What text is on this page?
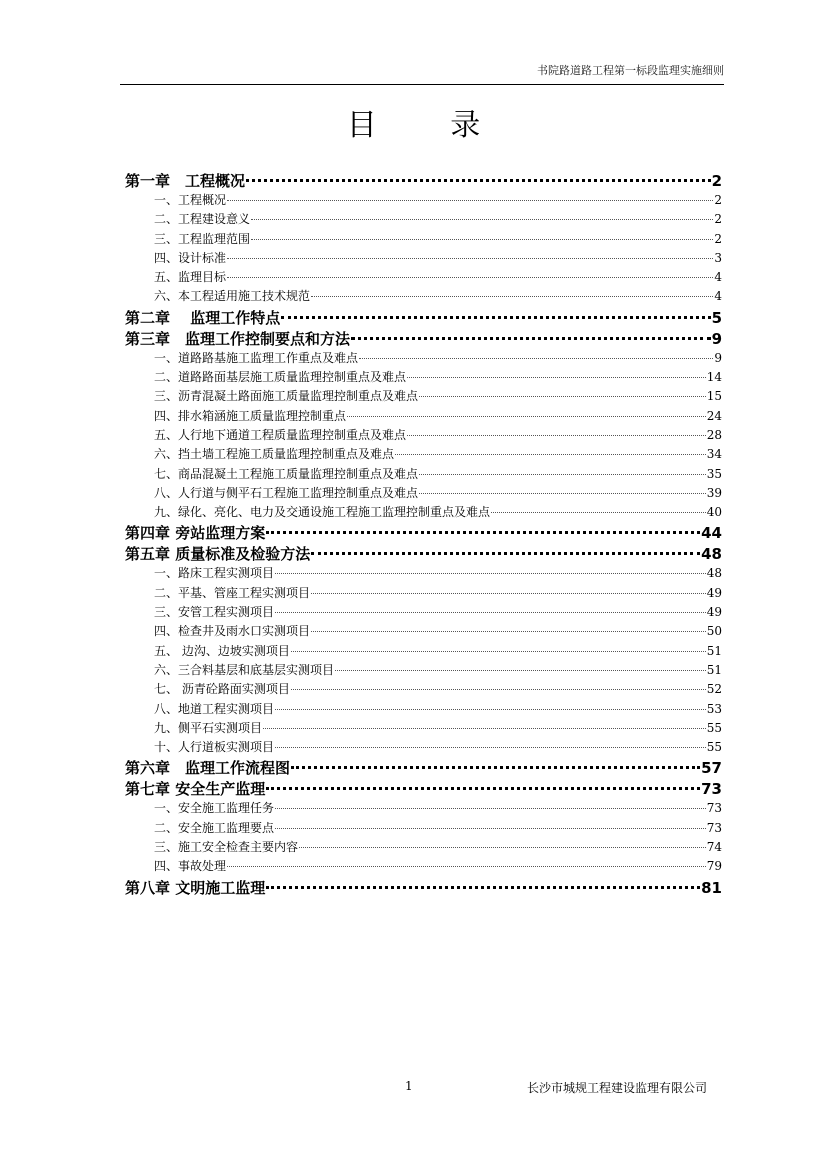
书院路道路工程第一标段监理实施细则
目 录
第一章　工程概况	2
一、工程概况	2
二、工程建设意义	2
三、工程监理范围	2
四、设计标准	3
五、监理目标	4
六、本工程适用施工技术规范	4
第二章　 监理工作特点	5
第三章　监理工作控制要点和方法	9
一、道路路基施工监理工作重点及难点	9
二、道路路面基层施工质量监理控制重点及难点	14
三、沥青混凝土路面施工质量监理控制重点及难点	15
四、排水箱涵施工质量监理控制重点	24
五、人行地下通道工程质量监理控制重点及难点	28
六、挡土墙工程施工质量监理控制重点及难点	34
七、商品混凝土工程施工质量监理控制重点及难点	35
八、人行道与侧平石工程施工监理控制重点及难点	39
九、绿化、亮化、电力及交通设施工程施工监理控制重点及难点	40
第四章 旁站监理方案	44
第五章 质量标准及检验方法	48
一、路床工程实测项目	48
二、平基、管座工程实测项目	49
三、安管工程实测项目	49
四、检查井及雨水口实测项目	50
五、 边沟、边坡实测项目	51
六、三合料基层和底基层实测项目	51
七、 沥青砼路面实测项目	52
八、地道工程实测项目	53
九、侧平石实测项目	55
十、人行道板实测项目	55
第六章　监理工作流程图	57
第七章 安全生产监理	73
一、安全施工监理任务	73
二、安全施工监理要点	73
三、施工安全检查主要内容	74
四、事故处理	79
第八章 文明施工监理	81
1	长沙市城规工程建设监理有限公司
